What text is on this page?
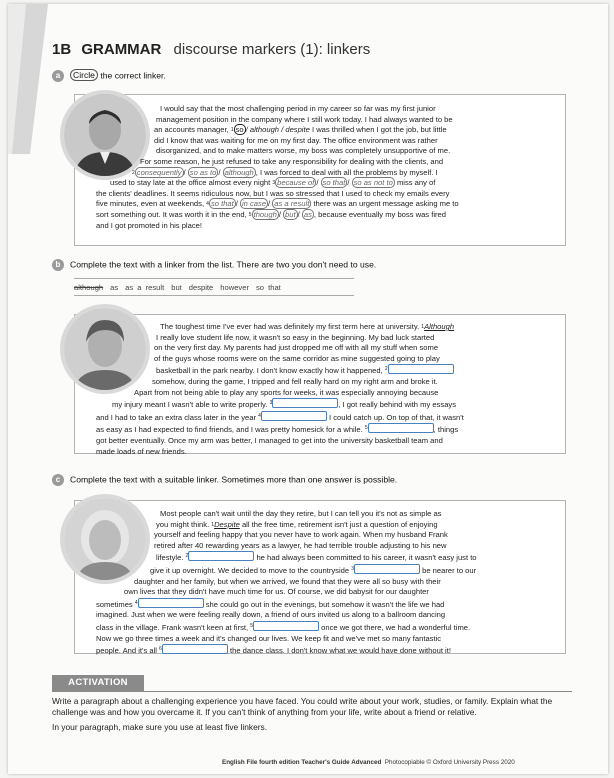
1B GRAMMAR discourse markers (1): linkers
a Circle the correct linker.
I would say that the most challenging period in my career so far was my first junior
management position in the company where I still work today. I had always wanted to be
an accounts manager, $^1$ so / although / despite I was thrilled when I got the job, but little
did I know that was waiting for me on my first day. The office environment was rather
disorganized, and to make matters worse, my boss was completely unsupportive of me.
For some reason, he just refused to take any responsibility for dealing with the clients, and
$^2$ consequently / so as to / although , I was forced to deal with all the problems by myself. I
used to stay late at the office almost every night $^3$ because of / so that / so as not to miss any of
the clients' deadlines. It seems ridiculous now, but I was so stressed that I used to check my emails every
five minutes, even at weekends, $^4$ so that / in case / as a result there was an urgent message asking me to
sort something out. It was worth it in the end, $^5$ though / but / as , because eventually my boss was fired
and I got promoted in his place!
b Complete the text with a linker from the list. There are two you don't need to use.
although as as a result but despite however so that
The toughest time I've ever had was definitely my first term here at university. $^1$Although
I really love student life now, it wasn't so easy in the beginning. My bad luck started
on the very first day. My parents had just dropped me off with all my stuff when some
of the guys whose rooms were on the same corridor as mine suggested going to play
basketball in the park nearby. I don't know exactly how it happened, $^2$
somehow, during the game, I tripped and fell really hard on my right arm and broke it.
Apart from not being able to play any sports for weeks, it was especially annoying because
my injury meant I wasn't able to write properly. $^3$	, I got really behind with my essays
and I had to take an extra class later in the year $^4$	I could catch up. On top of that, it wasn't
as easy as I had expected to find friends, and I was pretty homesick for a while. $^5$	, things
got better eventually. Once my arm was better, I managed to get into the university basketball team and
made loads of new friends.
c Complete the text with a suitable linker. Sometimes more than one answer is possible.
Most people can't wait until the day they retire, but I can tell you it's not as simple as
you might think. $^1$Despite all the free time, retirement isn't just a question of enjoying
yourself and feeling happy that you never have to work again. When my husband Frank
retired after 40 rewarding years as a lawyer, he had terrible trouble adjusting to his new
lifestyle. $^2$	he had always been committed to his career, it wasn't easy just to
give it up overnight. We decided to move to the countryside $^3$	be nearer to our
daughter and her family, but when we arrived, we found that they were all so busy with their
own lives that they didn't have much time for us. Of course, we did babysit for our daughter
sometimes $^4$	she could go out in the evenings, but somehow it wasn't the life we had
imagined. Just when we were feeling really down, a friend of ours invited us along to a ballroom dancing
class in the village. Frank wasn't keen at first, $^5$	once we got there, we had a wonderful time.
Now we go three times a week and it's changed our lives. We keep fit and we've met so many fantastic
people. And it's all $^6$	the dance class. I don't know what we would have done without it!
ACTIVATION

Write a paragraph about a challenging experience you have faced. You could write about your work, studies, or family. Explain what the challenge was and how you overcame it. If you can't think of anything from your life, write about a friend or relative.

In your paragraph, make sure you use at least five linkers.

English File fourth edition Teacher's Guide Advanced Photocopiable © Oxford University Press 2020
